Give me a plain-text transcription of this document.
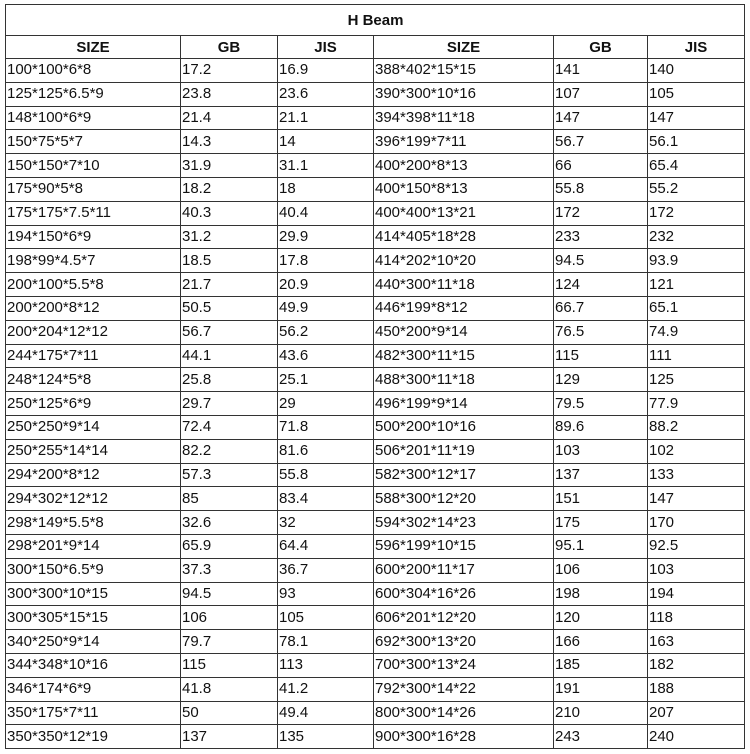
H Beam					
SIZE	GB	JIS	SIZE	GB	JIS
100*100*6*8	17.2	16.9	388*402*15*15	141	140
125*125*6.5*9	23.8	23.6	390*300*10*16	107	105
148*100*6*9	21.4	21.1	394*398*11*18	147	147
150*75*5*7	14.3	14	396*199*7*11	56.7	56.1
150*150*7*10	31.9	31.1	400*200*8*13	66	65.4
175*90*5*8	18.2	18	400*150*8*13	55.8	55.2
175*175*7.5*11	40.3	40.4	400*400*13*21	172	172
194*150*6*9	31.2	29.9	414*405*18*28	233	232
198*99*4.5*7	18.5	17.8	414*202*10*20	94.5	93.9
200*100*5.5*8	21.7	20.9	440*300*11*18	124	121
200*200*8*12	50.5	49.9	446*199*8*12	66.7	65.1
200*204*12*12	56.7	56.2	450*200*9*14	76.5	74.9
244*175*7*11	44.1	43.6	482*300*11*15	115	111
248*124*5*8	25.8	25.1	488*300*11*18	129	125
250*125*6*9	29.7	29	496*199*9*14	79.5	77.9
250*250*9*14	72.4	71.8	500*200*10*16	89.6	88.2
250*255*14*14	82.2	81.6	506*201*11*19	103	102
294*200*8*12	57.3	55.8	582*300*12*17	137	133
294*302*12*12	85	83.4	588*300*12*20	151	147
298*149*5.5*8	32.6	32	594*302*14*23	175	170
298*201*9*14	65.9	64.4	596*199*10*15	95.1	92.5
300*150*6.5*9	37.3	36.7	600*200*11*17	106	103
300*300*10*15	94.5	93	600*304*16*26	198	194
300*305*15*15	106	105	606*201*12*20	120	118
340*250*9*14	79.7	78.1	692*300*13*20	166	163
344*348*10*16	115	113	700*300*13*24	185	182
346*174*6*9	41.8	41.2	792*300*14*22	191	188
350*175*7*11	50	49.4	800*300*14*26	210	207
350*350*12*19	137	135	900*300*16*28	243	240
